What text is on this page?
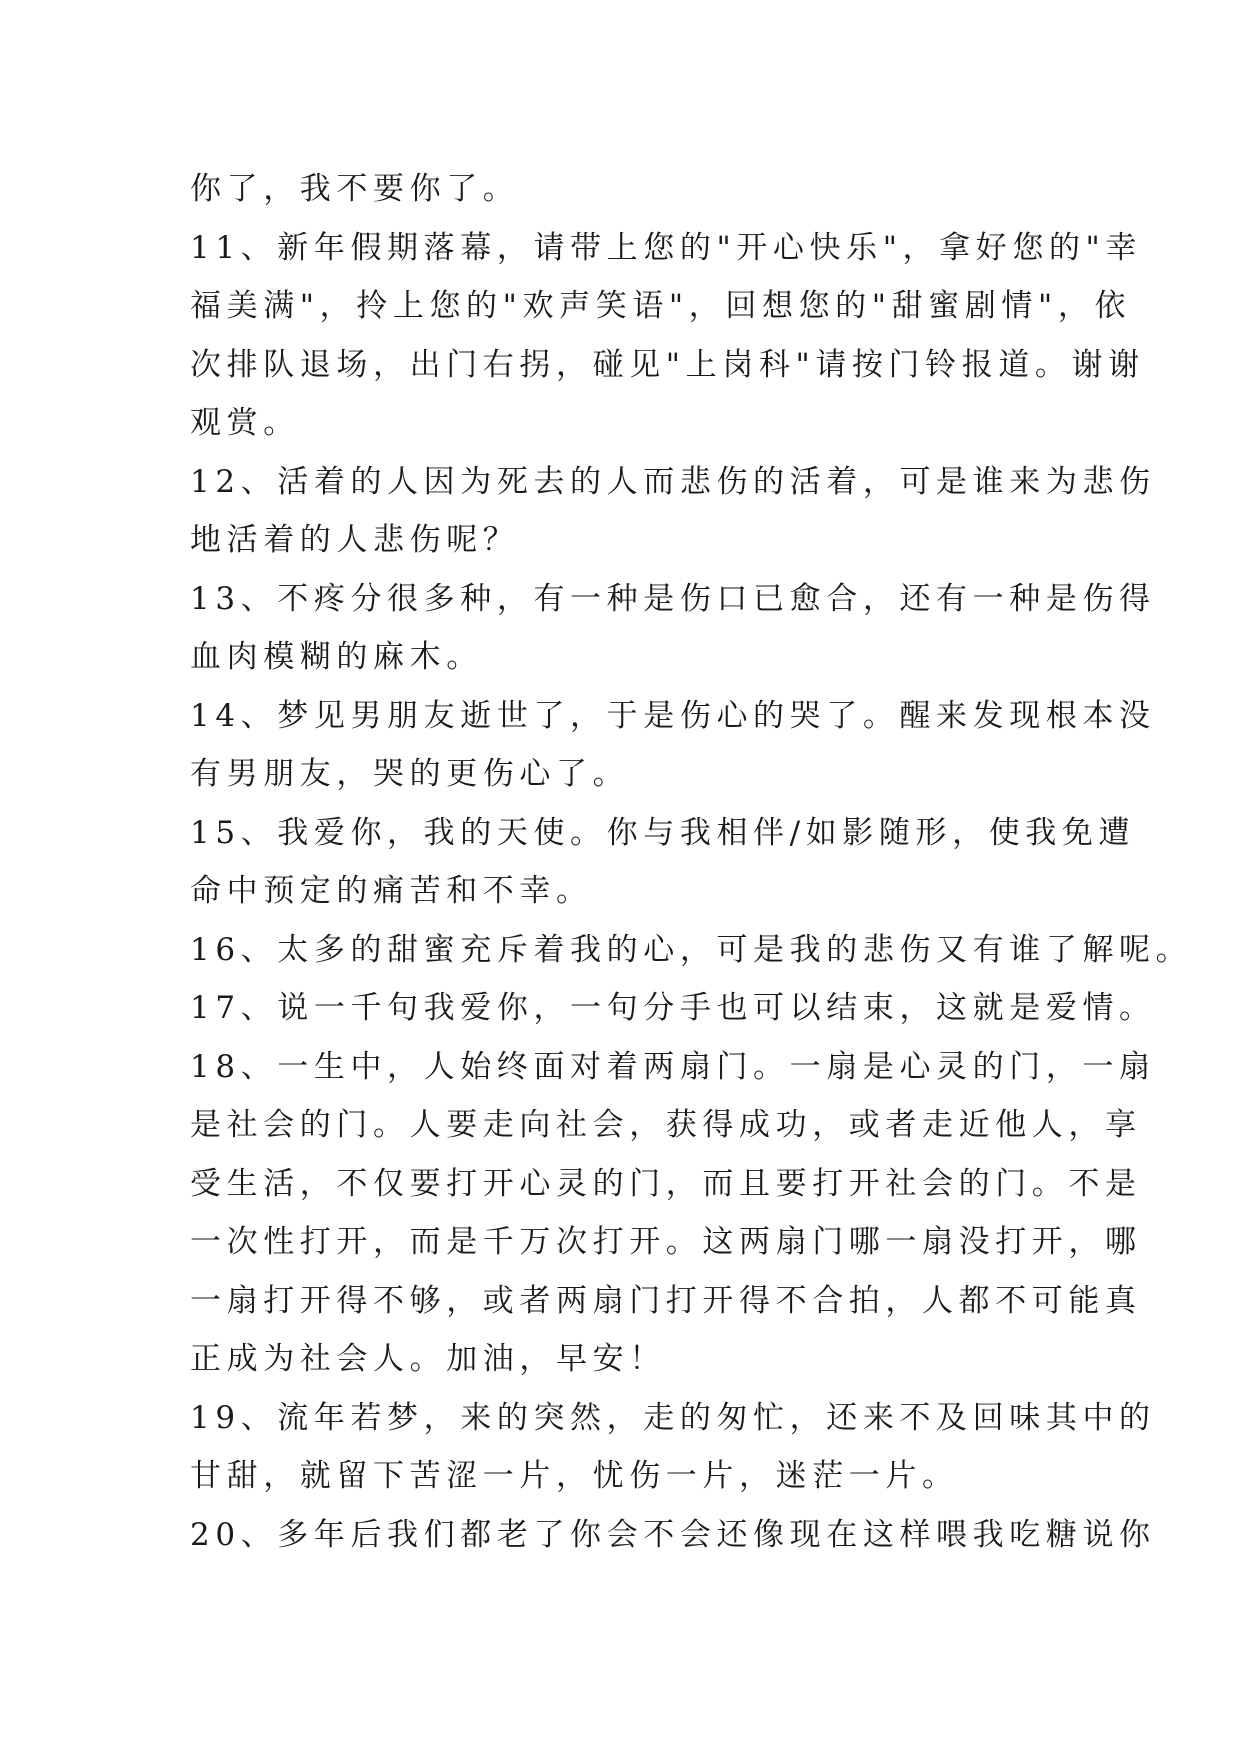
你了，我不要你了。
11、新年假期落幕，请带上您的"开心快乐"，拿好您的"幸
福美满"，拎上您的"欢声笑语"，回想您的"甜蜜剧情"，依
次排队退场，出门右拐，碰见"上岗科"请按门铃报道。谢谢
观赏。
12、活着的人因为死去的人而悲伤的活着，可是谁来为悲伤
地活着的人悲伤呢？
13、不疼分很多种，有一种是伤口已愈合，还有一种是伤得
血肉模糊的麻木。
14、梦见男朋友逝世了，于是伤心的哭了。醒来发现根本没
有男朋友，哭的更伤心了。
15、我爱你，我的天使。你与我相伴/如影随形，使我免遭
命中预定的痛苦和不幸。
16、太多的甜蜜充斥着我的心，可是我的悲伤又有谁了解呢。
17、说一千句我爱你，一句分手也可以结束，这就是爱情。
18、一生中，人始终面对着两扇门。一扇是心灵的门，一扇
是社会的门。人要走向社会，获得成功，或者走近他人，享
受生活，不仅要打开心灵的门，而且要打开社会的门。不是
一次性打开，而是千万次打开。这两扇门哪一扇没打开，哪
一扇打开得不够，或者两扇门打开得不合拍，人都不可能真
正成为社会人。加油，早安！
19、流年若梦，来的突然，走的匆忙，还来不及回味其中的
甘甜，就留下苦涩一片，忧伤一片，迷茫一片。
20、多年后我们都老了你会不会还像现在这样喂我吃糖说你
